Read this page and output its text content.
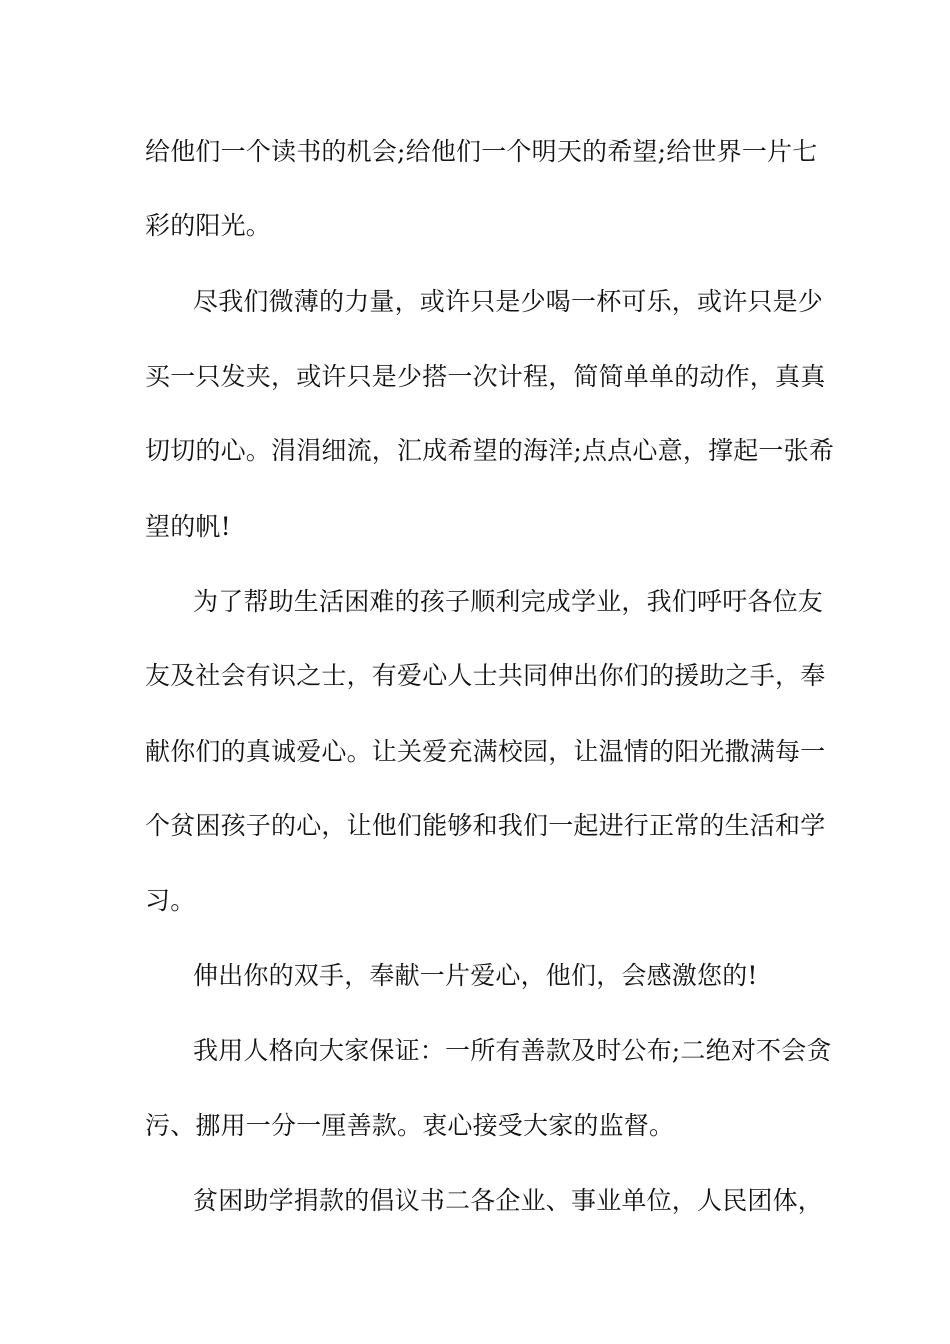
给他们一个读书的机会;给他们一个明天的希望;给世界一片七
彩的阳光。
尽我们微薄的力量，或许只是少喝一杯可乐，或许只是少
买一只发夹，或许只是少搭一次计程，简简单单的动作，真真
切切的心。涓涓细流，汇成希望的海洋;点点心意，撑起一张希
望的帆!
为了帮助生活困难的孩子顺利完成学业，我们呼吁各位友
友及社会有识之士，有爱心人士共同伸出你们的援助之手，奉
献你们的真诚爱心。让关爱充满校园，让温情的阳光撒满每一
个贫困孩子的心，让他们能够和我们一起进行正常的生活和学
习。
伸出你的双手，奉献一片爱心，他们，会感激您的!
我用人格向大家保证：一所有善款及时公布;二绝对不会贪
污、挪用一分一厘善款。衷心接受大家的监督。
贫困助学捐款的倡议书二各企业、事业单位，人民团体，
